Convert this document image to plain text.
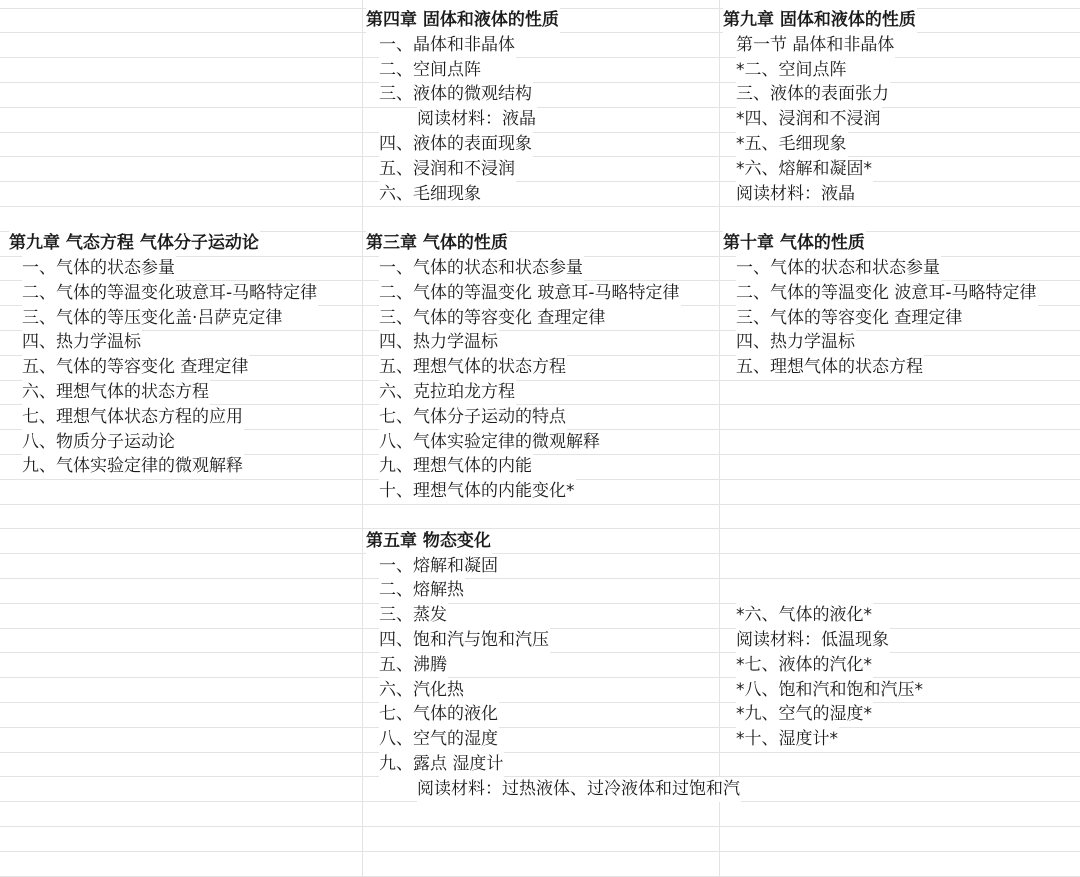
第九章 气态方程 气体分子运动论
一、气体的状态参量
二、气体的等温变化玻意耳-马略特定律
三、气体的等压变化盖·吕萨克定律
四、热力学温标
五、气体的等容变化 查理定律
六、理想气体的状态方程
七、理想气体状态方程的应用
八、物质分子运动论
九、气体实验定律的微观解释
第四章 固体和液体的性质
一、晶体和非晶体
二、空间点阵
三、液体的微观结构
阅读材料：液晶
四、液体的表面现象
五、浸润和不浸润
六、毛细现象
第三章 气体的性质
一、气体的状态和状态参量
二、气体的等温变化 玻意耳-马略特定律
三、气体的等容变化 查理定律
四、热力学温标
五、理想气体的状态方程
六、克拉珀龙方程
七、气体分子运动的特点
八、气体实验定律的微观解释
九、理想气体的内能
十、理想气体的内能变化*
第五章 物态变化
一、熔解和凝固
二、熔解热
三、蒸发
四、饱和汽与饱和汽压
五、沸腾
六、汽化热
七、气体的液化
八、空气的湿度
九、露点 湿度计
阅读材料：过热液体、过冷液体和过饱和汽
第九章 固体和液体的性质
第一节 晶体和非晶体
*二、空间点阵
三、液体的表面张力
*四、浸润和不浸润
*五、毛细现象
*六、熔解和凝固*
阅读材料：液晶
第十章 气体的性质
一、气体的状态和状态参量
二、气体的等温变化 波意耳-马略特定律
三、气体的等容变化 查理定律
四、热力学温标
五、理想气体的状态方程
*六、气体的液化*
阅读材料：低温现象
*七、液体的汽化*
*八、饱和汽和饱和汽压*
*九、空气的湿度*
*十、湿度计*
